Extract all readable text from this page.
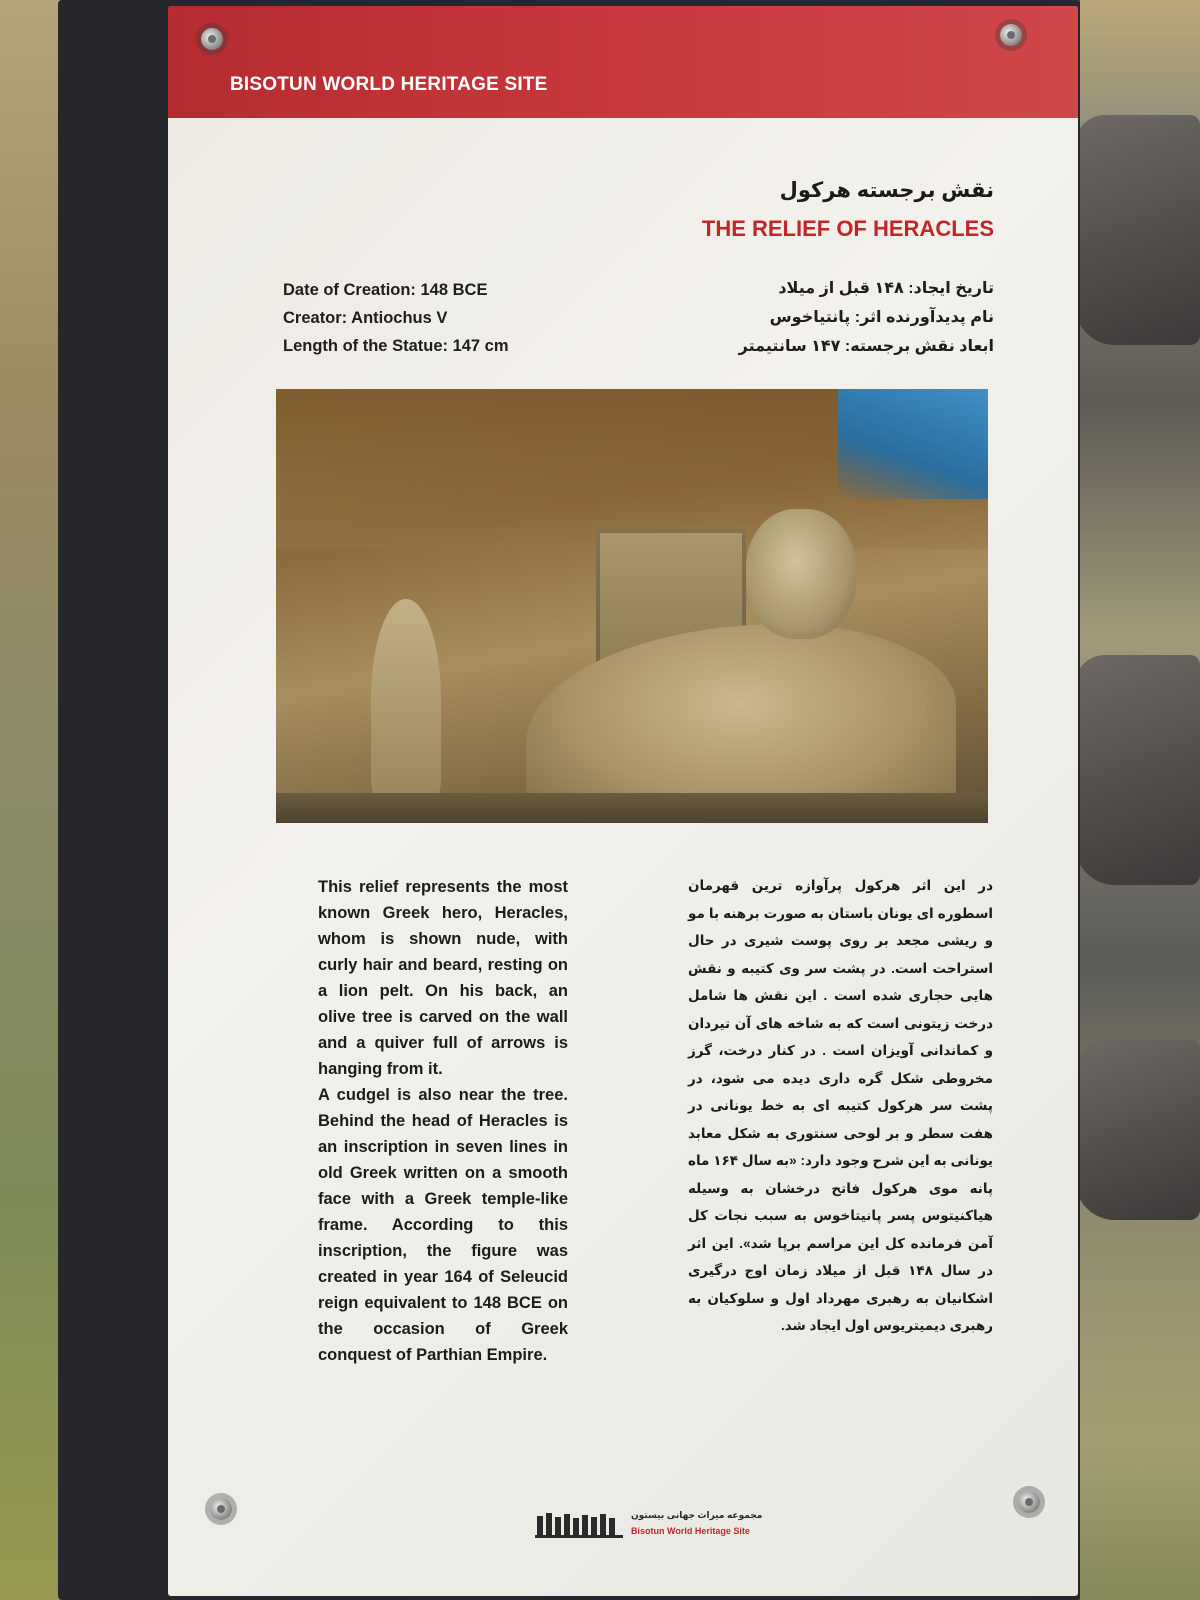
BISOTUN WORLD HERITAGE SITE
نقش برجسته هرکول
THE RELIEF OF HERACLES
Date of Creation: 148 BCE
Creator: Antiochus V
Length of the Statue: 147 cm
تاریخ ایجاد: ۱۴۸ قبل از میلاد
نام پدیدآورنده اثر: پانتیاخوس
ابعاد نقش برجسته: ۱۴۷ سانتیمتر
This relief represents the most known Greek hero, Heracles, whom is shown nude, with curly hair and beard, resting on a lion pelt. On his back, an olive tree is carved on the wall and a quiver full of arrows is hanging from it.
A cudgel is also near the tree. Behind the head of Heracles is an inscription in seven lines in old Greek written on a smooth face with a Greek temple-like frame. According to this inscription, the figure was created in year 164 of Seleucid reign equivalent to 148 BCE on the occasion of Greek conquest of Parthian Empire.
در این اثر هرکول پرآوازه ترین قهرمان اسطوره ای یونان باستان به صورت برهنه با مو و ریشی مجعد بر روی پوست شیری در حال استراحت است. در پشت سر وی کتیبه و نقش هایی حجاری شده است . این نقش ها شامل درخت زیتونی است که به شاخه های آن تیردان و کماندانی آویزان است . در کنار درخت، گرز مخروطی شکل گره داری دیده می شود، در پشت سر هرکول کتیبه ای به خط یونانی در هفت سطر و بر لوحی سنتوری به شکل معابد یونانی به این شرح وجود دارد: «به سال ۱۶۴ ماه پانه موی هرکول فاتح درخشان به وسیله هیاکنیتوس پسر پانیتاخوس به سبب نجات کل آمن فرمانده کل این مراسم برپا شد». این اثر در سال ۱۴۸ قبل از میلاد زمان اوج درگیری اشکانیان به رهبری مهرداد اول و سلوکیان به رهبری دیمیتریوس اول ایجاد شد.
مجموعه میراث جهانی بیستون
Bisotun World Heritage Site
